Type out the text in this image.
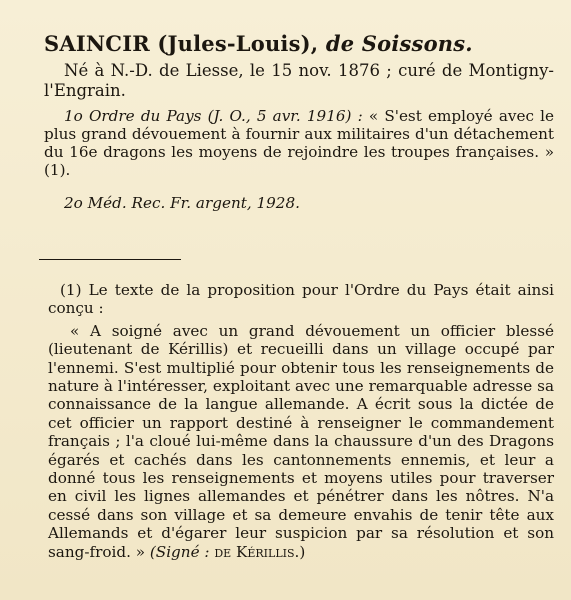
SAINCIR (Jules-Louis), de Soissons.

Né à N.-D. de Liesse, le 15 nov. 1876 ; curé de Montigny-l'Engrain.

1o Ordre du Pays (J. O., 5 avr. 1916) : « S'est employé avec le plus grand dévouement à fournir aux militaires d'un détachement du 16e dragons les moyens de rejoindre les troupes françaises. » (1).

2o Méd. Rec. Fr. argent, 1928.

(1) Le texte de la proposition pour l'Ordre du Pays était ainsi conçu :

« A soigné avec un grand dévouement un officier blessé (lieutenant de Kérillis) et recueilli dans un village occupé par l'ennemi. S'est multiplié pour obtenir tous les renseignements de nature à l'intéresser, exploitant avec une remarquable adresse sa connaissance de la langue allemande. A écrit sous la dictée de cet officier un rapport destiné à renseigner le commandement français ; l'a cloué lui-même dans la chaussure d'un des Dragons égarés et cachés dans les cantonnements ennemis, et leur a donné tous les renseignements et moyens utiles pour traverser en civil les lignes allemandes et pénétrer dans les nôtres. N'a cessé dans son village et sa demeure envahis de tenir tête aux Allemands et d'égarer leur suspicion par sa résolution et son sang-froid. » (Signé : de Kérillis.)
